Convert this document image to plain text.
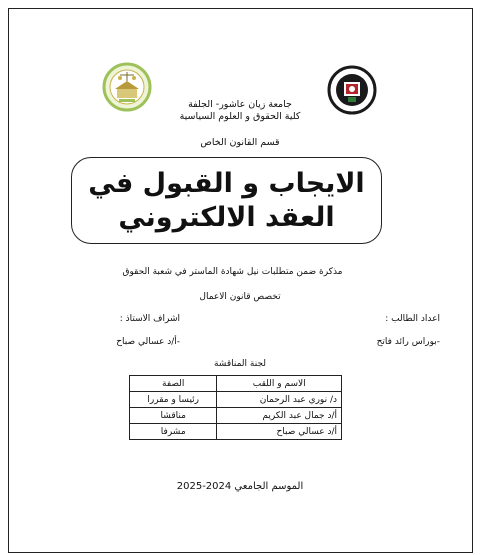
جامعة زيان عاشور- الجلفة
كلية الحقوق و العلوم السياسية
قسم القانون الخاص
الايجاب و القبول في العقد الالكتروني
مذكرة ضمن متطلبات نيل شهادة الماستر في شعبة الحقوق
تخصص قانون الاعمال
اعداد الطالب :
اشراف الاستاذ :
-بوراس رائد فاتح
-أ/د عسالي صباح
لجنة المناقشة
الاسم و اللقب	الصفة
د/ نوري عبد الرحمان	رئيسا و مقررا
أ/د جمال عبد الكريم	مناقشا
أ/د عسالي صباح	مشرفا
الموسم الجامعي 2024-2025
